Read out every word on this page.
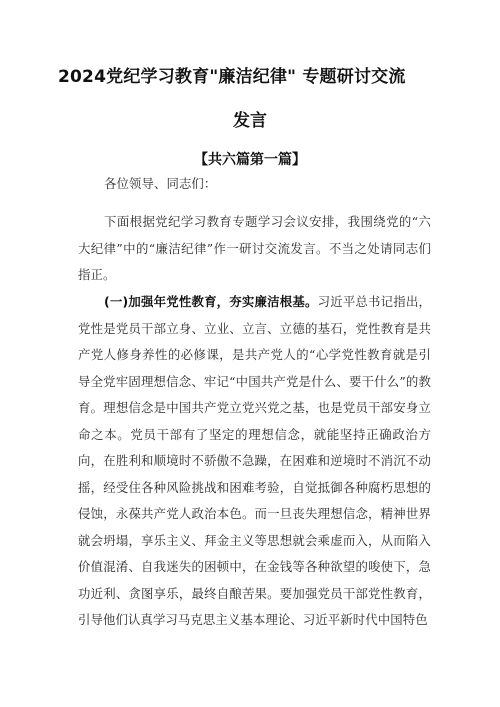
2024党纪学习教育"廉洁纪律" 专题研讨交流
发言
【共六篇第一篇】
各位领导、同志们：
下面根据党纪学习教育专题学习会议安排，我围绕党的“六大纪律”中的“廉洁纪律”作一研讨交流发言。不当之处请同志们指正。
(一)加强年党性教育，夯实廉洁根基。习近平总书记指出，党性是党员干部立身、立业、立言、立德的基石，党性教育是共产党人修身养性的必修课，是共产党人的“心学党性教育就是引导全党牢固理想信念、牢记“中国共产党是什么、要干什么”的教育。理想信念是中国共产党立党兴党之基，也是党员干部安身立命之本。党员干部有了坚定的理想信念，就能坚持正确政治方向，在胜利和顺境时不骄傲不急躁，在困难和逆境时不消沉不动摇，经受住各种风险挑战和困难考验，自觉抵御各种腐朽思想的侵蚀，永葆共产党人政治本色。而一旦丧失理想信念，精神世界就会坍塌，享乐主义、拜金主义等思想就会乘虚而入，从而陷入价值混淆、自我迷失的困顿中，在金钱等各种欲望的唆使下，急功近利、贪图享乐，最终自酿苦果。要加强党员干部党性教育，引导他们认真学习马克思主义基本理论、习近平新时代中国特色
